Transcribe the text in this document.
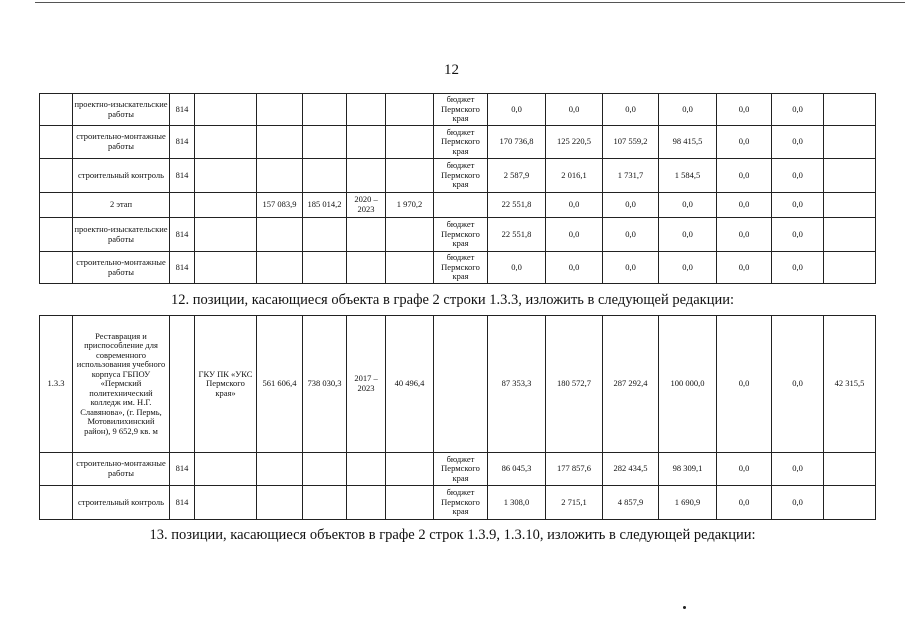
12
	проектно-изыскательские работы	814						бюджет Пермского края	0,0	0,0	0,0	0,0	0,0	0,0	
	строительно-монтажные работы	814						бюджет Пермского края	170 736,8	125 220,5	107 559,2	98 415,5	0,0	0,0	
	строительный контроль	814						бюджет Пермского края	2 587,9	2 016,1	1 731,7	1 584,5	0,0	0,0	
	2 этап			157 083,9	185 014,2	2020 – 2023	1 970,2		22 551,8	0,0	0,0	0,0	0,0	0,0	
	проектно-изыскательские работы	814						бюджет Пермского края	22 551,8	0,0	0,0	0,0	0,0	0,0	
	строительно-монтажные работы	814						бюджет Пермского края	0,0	0,0	0,0	0,0	0,0	0,0	
12. позиции, касающиеся объекта в графе 2 строки 1.3.3, изложить в следующей редакции:
1.3.3	Реставрация и приспособление для современного использования учебного корпуса ГБПОУ «Пермский политехнический колледж им. Н.Г. Славянова», (г. Пермь, Мотовилихинский район), 9 652,9 кв. м		ГКУ ПК «УКС Пермского края»	561 606,4	738 030,3	2017 – 2023	40 496,4		87 353,3	180 572,7	287 292,4	100 000,0	0,0	0,0	42 315,5
	строительно-монтажные работы	814						бюджет Пермского края	86 045,3	177 857,6	282 434,5	98 309,1	0,0	0,0	
	строительный контроль	814						бюджет Пермского края	1 308,0	2 715,1	4 857,9	1 690,9	0,0	0,0	
13. позиции, касающиеся объектов в графе 2 строк 1.3.9, 1.3.10, изложить в следующей редакции:
